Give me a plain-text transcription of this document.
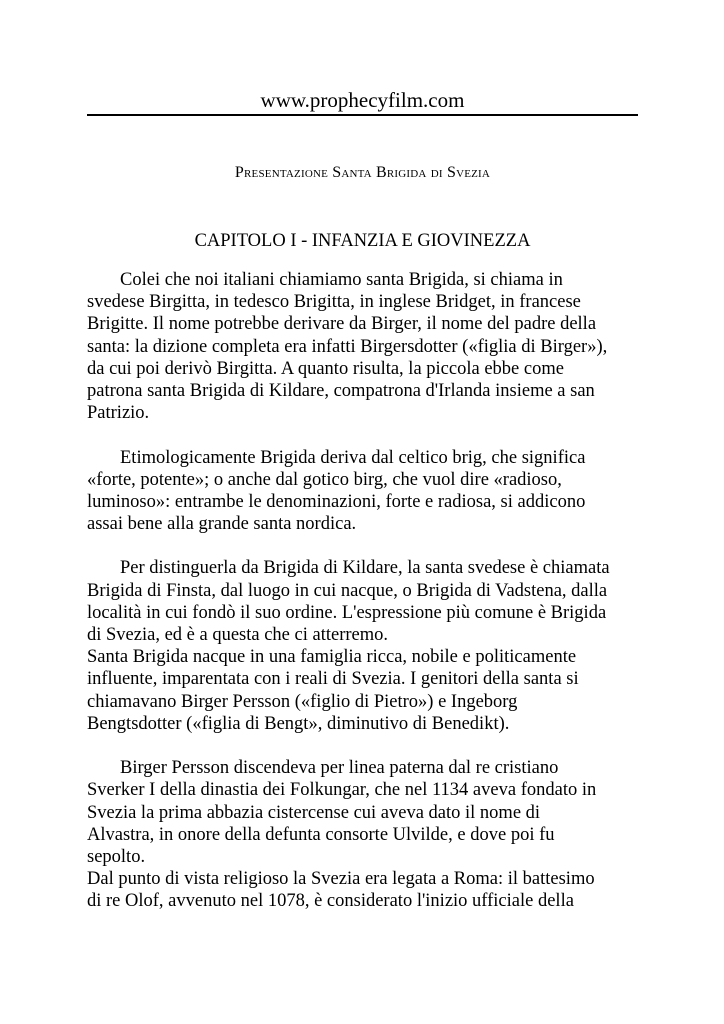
www.prophecyfilm.com
Presentazione Santa Brigida di Svezia
CAPITOLO I - INFANZIA E GIOVINEZZA
Colei che noi italiani chiamiamo santa Brigida, si chiama in
svedese Birgitta, in tedesco Brigitta, in inglese Bridget, in francese
Brigitte. Il nome potrebbe derivare da Birger, il nome del padre della
santa: la dizione completa era infatti Birgersdotter («figlia di Birger»),
da cui poi derivò Birgitta. A quanto risulta, la piccola ebbe come
patrona santa Brigida di Kildare, compatrona d'Irlanda insieme a san
Patrizio.
Etimologicamente Brigida deriva dal celtico brig, che significa
«forte, potente»; o anche dal gotico birg, che vuol dire «radioso,
luminoso»: entrambe le denominazioni, forte e radiosa, si addicono
assai bene alla grande santa nordica.
Per distinguerla da Brigida di Kildare, la santa svedese è chiamata
Brigida di Finsta, dal luogo in cui nacque, o Brigida di Vadstena, dalla
località in cui fondò il suo ordine. L'espressione più comune è Brigida
di Svezia, ed è a questa che ci atterremo.
Santa Brigida nacque in una famiglia ricca, nobile e politicamente
influente, imparentata con i reali di Svezia. I genitori della santa si
chiamavano Birger Persson («figlio di Pietro») e Ingeborg
Bengtsdotter («figlia di Bengt», diminutivo di Benedikt).
Birger Persson discendeva per linea paterna dal re cristiano
Sverker I della dinastia dei Folkungar, che nel 1134 aveva fondato in
Svezia la prima abbazia cistercense cui aveva dato il nome di
Alvastra, in onore della defunta consorte Ulvilde, e dove poi fu
sepolto.
Dal punto di vista religioso la Svezia era legata a Roma: il battesimo
di re Olof, avvenuto nel 1078, è considerato l'inizio ufficiale della
